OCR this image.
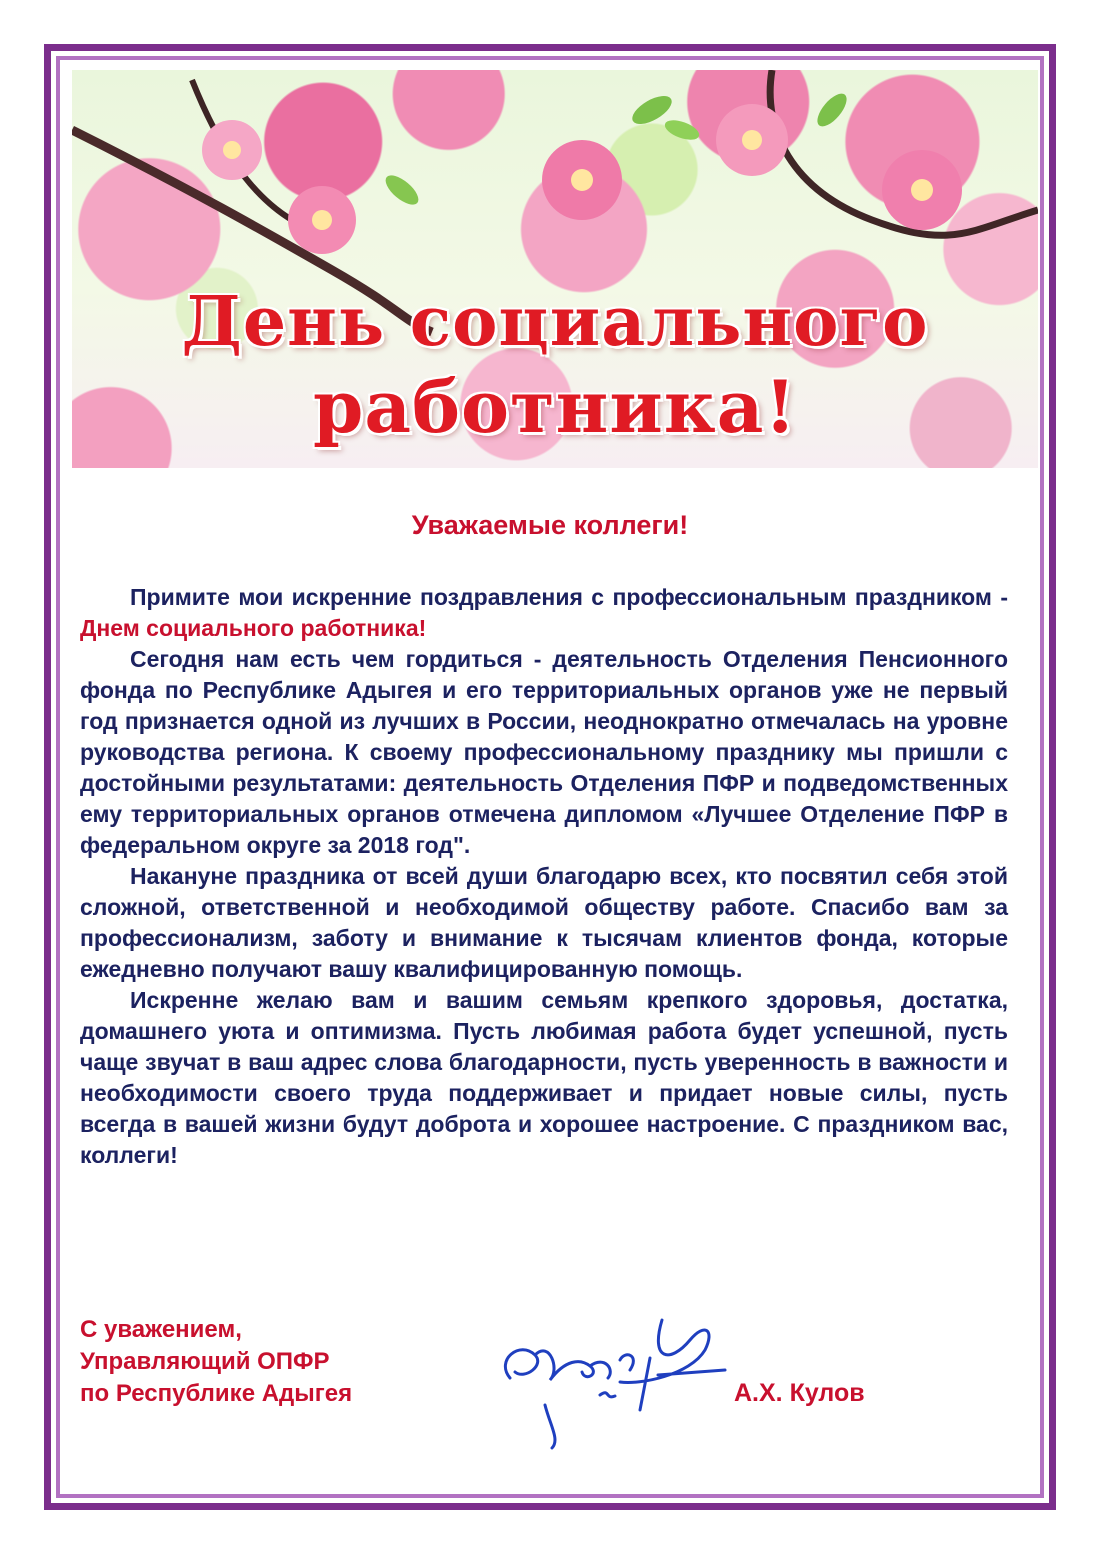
День социального
работника!
Уважаемые коллеги!

Примите мои искренние поздравления с профессиональным праздником - Днем социального работника!

Сегодня нам есть чем гордиться - деятельность Отделения Пенсионного фонда по Республике Адыгея и его территориальных органов уже не первый год признается одной из лучших в России, неоднократно отмечалась на уровне руководства региона. К своему профессиональному празднику мы пришли с достойными результатами: деятельность Отделения ПФР и подведомственных ему территориальных органов отмечена дипломом «Лучшее Отделение ПФР в федеральном округе за 2018 год".

Накануне праздника от всей души благодарю всех, кто посвятил себя этой сложной, ответственной и необходимой обществу работе. Спасибо вам за профессионализм, заботу и внимание к тысячам клиентов фонда, которые ежедневно получают вашу квалифицированную помощь.

Искренне желаю вам и вашим семьям крепкого здоровья, достатка, домашнего уюта и оптимизма. Пусть любимая работа будет успешной, пусть чаще звучат в ваш адрес слова благодарности, пусть уверенность в важности и необходимости своего труда поддерживает и придает новые силы, пусть всегда в вашей жизни будут доброта и хорошее настроение. С праздником вас, коллеги!

С уважением,
Управляющий ОПФР
по Республике Адыгея	А.Х. Кулов
